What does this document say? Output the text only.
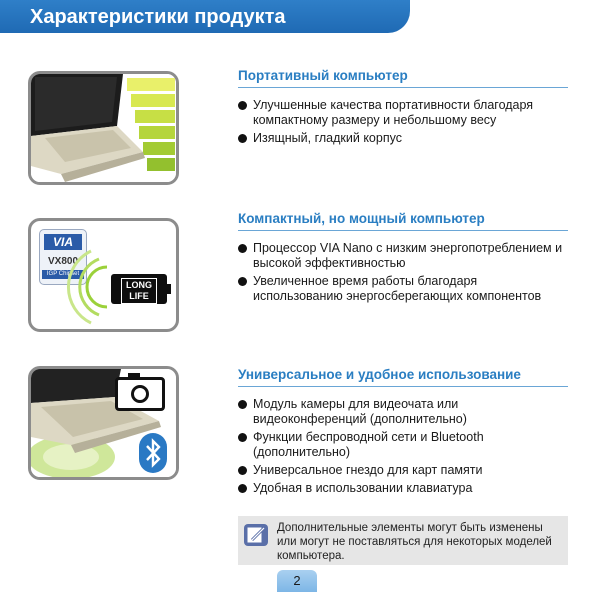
Характеристики продукта
VIA
VX800
IGP Chipset
LONG LIFE
Портативный компьютер
Улучшенные качества портативности благодаря компактному размеру и небольшому весу
Изящный, гладкий корпус
Компактный, но мощный компьютер
Процессор VIA Nano с низким энергопотреблением и высокой эффективностью
Увеличенное время работы благодаря использованию энергосберегающих компонентов
Универсальное и удобное использование
Модуль камеры для видеочата или видеоконференций (дополнительно)
Функции беспроводной сети и Bluetooth (дополнительно)
Универсальное гнездо для карт памяти
Удобная в использовании клавиатура
Дополнительные элементы могут быть изменены или могут не поставляться для некоторых моделей компьютера.
2
